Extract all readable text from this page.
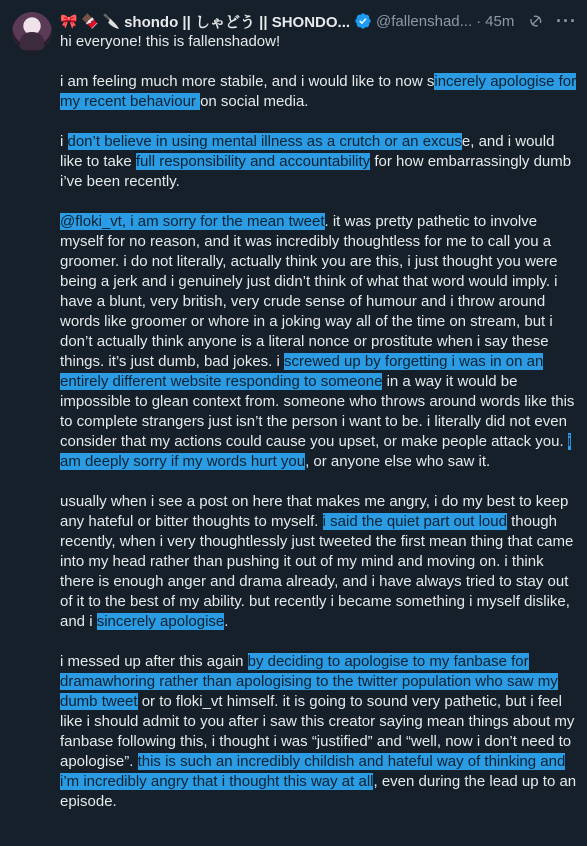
🎀 🍫 🔪 shondo || しゃどう || SHONDO... @fallenshad... · 45m ···

hi everyone! this is fallenshadow!

i am feeling much more stabile, and i would like to now sincerely apologise for my recent behaviour on social media.

i don’t believe in using mental illness as a crutch or an excuse, and i would like to take full responsibility and accountability for how embarrassingly dumb i’ve been recently.

@floki_vt, i am sorry for the mean tweet. it was pretty pathetic to involve myself for no reason, and it was incredibly thoughtless for me to call you a groomer. i do not literally, actually think you are this, i just thought you were being a jerk and i genuinely just didn’t think of what that word would imply. i have a blunt, very british, very crude sense of humour and i throw around words like groomer or whore in a joking way all of the time on stream, but i don’t actually think anyone is a literal nonce or prostitute when i say these things. it’s just dumb, bad jokes. i screwed up by forgetting i was in on an entirely different website responding to someone in a way it would be impossible to glean context from. someone who throws around words like this to complete strangers just isn’t the person i want to be. i literally did not even consider that my actions could cause you upset, or make people attack you. i am deeply sorry if my words hurt you, or anyone else who saw it.

usually when i see a post on here that makes me angry, i do my best to keep any hateful or bitter thoughts to myself. i said the quiet part out loud though recently, when i very thoughtlessly just tweeted the first mean thing that came into my head rather than pushing it out of my mind and moving on. i think there is enough anger and drama already, and i have always tried to stay out of it to the best of my ability. but recently i became something i myself dislike, and i sincerely apologise.

i messed up after this again by deciding to apologise to my fanbase for dramawhoring rather than apologising to the twitter population who saw my dumb tweet or to floki_vt himself. it is going to sound very pathetic, but i feel like i should admit to you after i saw this creator saying mean things about my fanbase following this, i thought i was “justified” and “well, now i don’t need to apologise”. this is such an incredibly childish and hateful way of thinking and i’m incredibly angry that i thought this way at all, even during the lead up to an episode.
